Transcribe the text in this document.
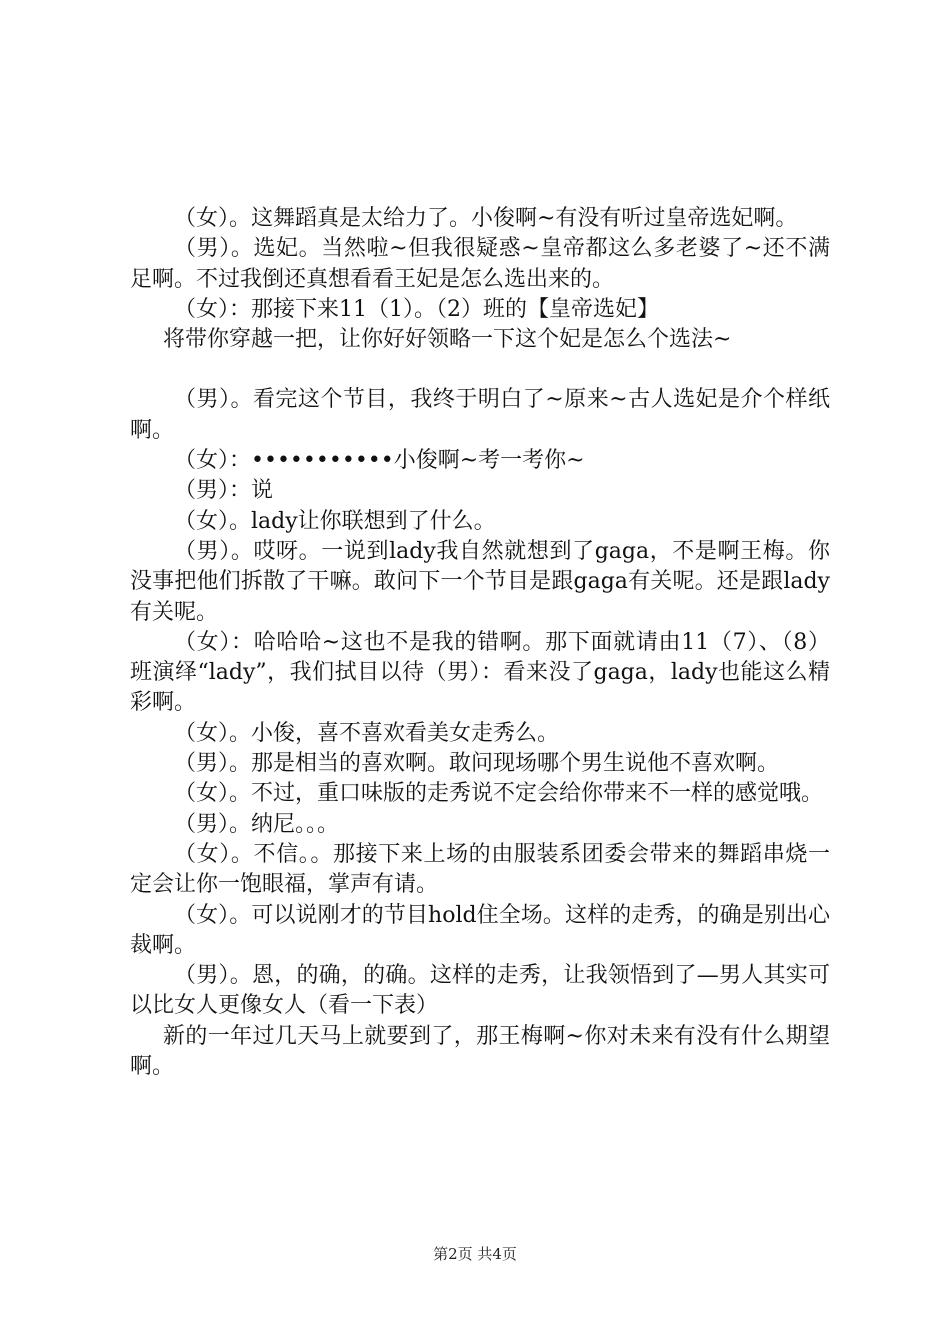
（女）。这舞蹈真是太给力了。小俊啊~有没有听过皇帝选妃啊。

（男）。选妃。当然啦~但我很疑惑~皇帝都这么多老婆了~还不满足啊。不过我倒还真想看看王妃是怎么选出来的。

（女）：那接下来11（1）。（2）班的【皇帝选妃】

将带你穿越一把，让你好好领略一下这个妃是怎么个选法~

（男）。看完这个节目，我终于明白了~原来~古人选妃是介个样纸啊。

（女）：•••••••••••小俊啊~考一考你~

（男）：说

（女）。lady让你联想到了什么。

（男）。哎呀。一说到lady我自然就想到了gaga，不是啊王梅。你没事把他们拆散了干嘛。敢问下一个节目是跟gaga有关呢。还是跟lady有关呢。

（女）：哈哈哈~这也不是我的错啊。那下面就请由11（7）、（8）班演绎“lady”，我们拭目以待（男）：看来没了gaga，lady也能这么精彩啊。

（女）。小俊，喜不喜欢看美女走秀么。

（男）。那是相当的喜欢啊。敢问现场哪个男生说他不喜欢啊。

（女）。不过，重口味版的走秀说不定会给你带来不一样的感觉哦。

（男）。纳尼。。。

（女）。不信。。那接下来上场的由服装系团委会带来的舞蹈串烧一定会让你一饱眼福，掌声有请。

（女）。可以说刚才的节目hold住全场。这样的走秀，的确是别出心裁啊。

（男）。恩，的确，的确。这样的走秀，让我领悟到了—男人其实可以比女人更像女人（看一下表）

新的一年过几天马上就要到了，那王梅啊~你对未来有没有什么期望啊。

第2页 共4页
